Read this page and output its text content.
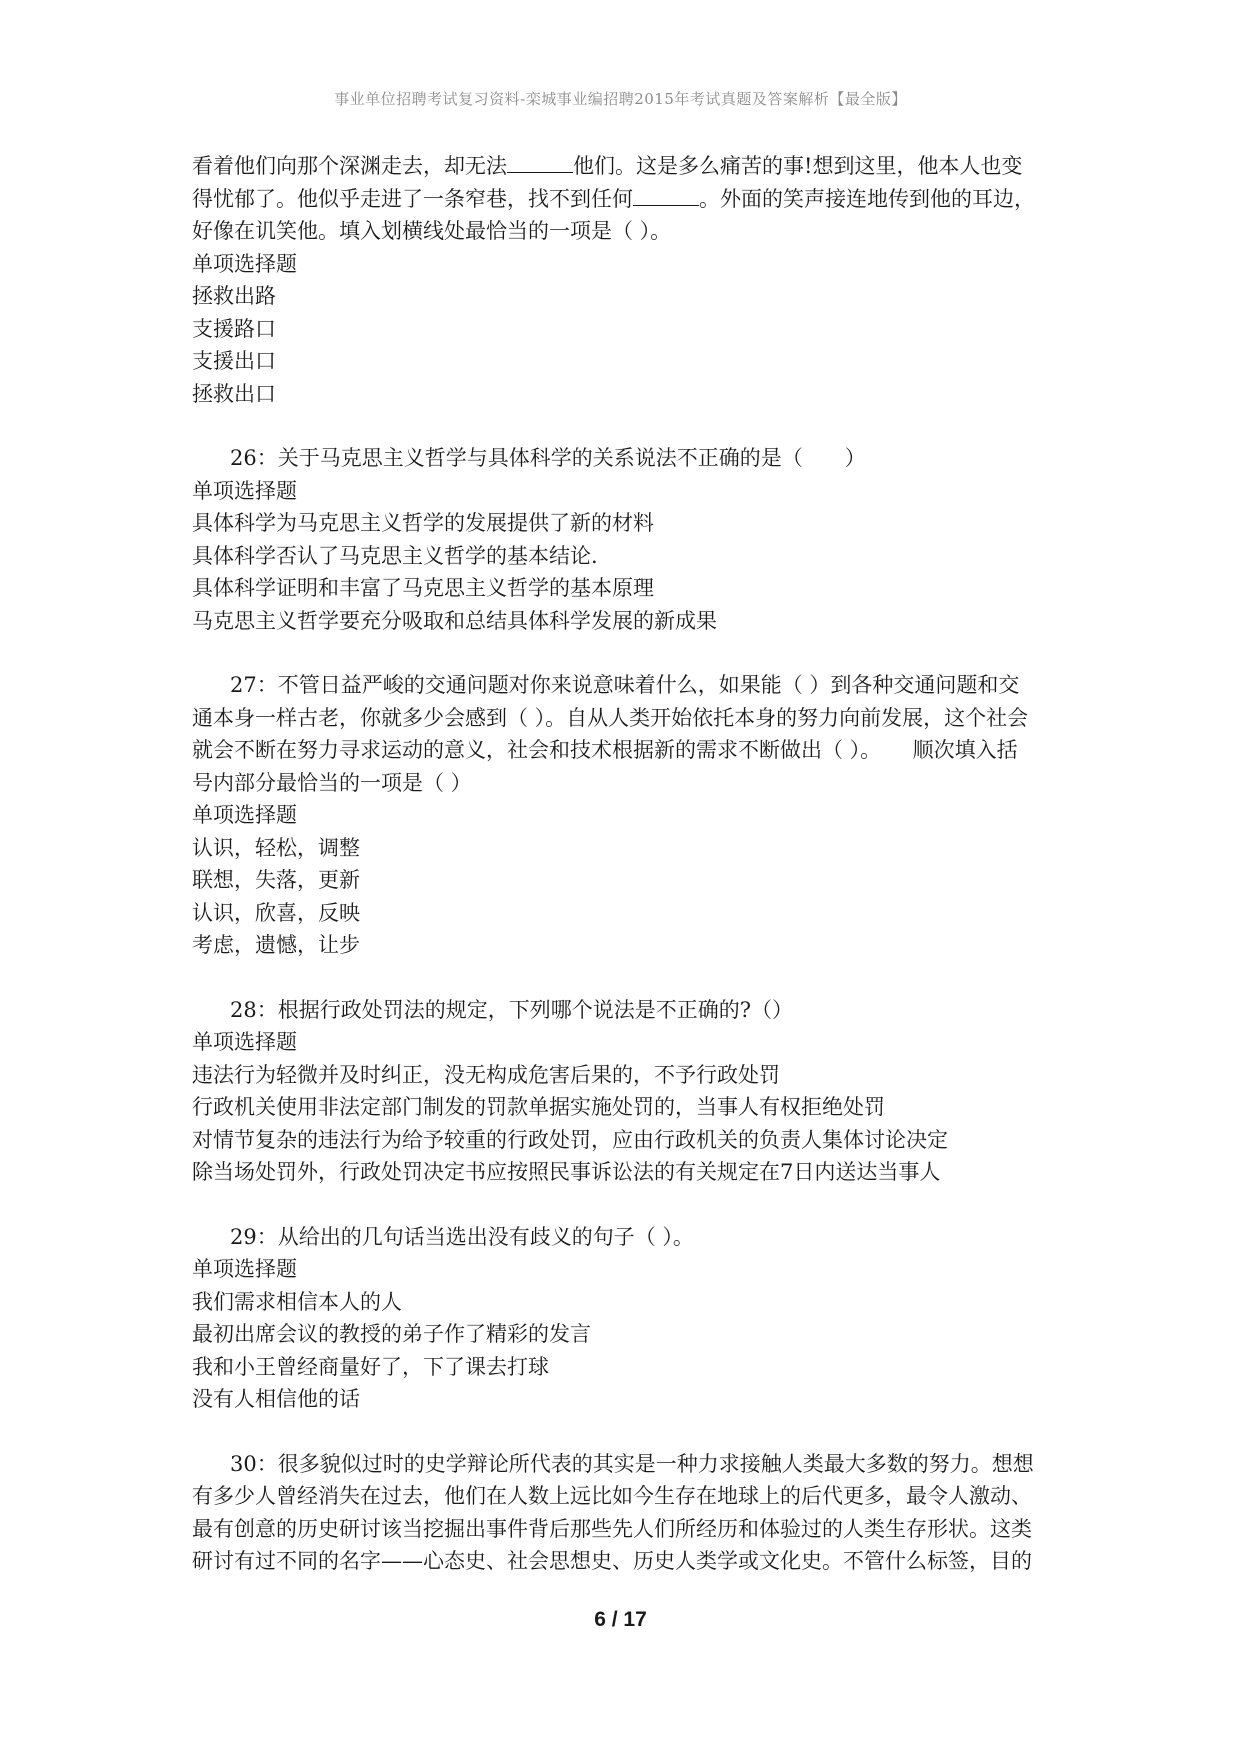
事业单位招聘考试复习资料-栾城事业编招聘2015年考试真题及答案解析【最全版】
看着他们向那个深渊走去，却无法	他们。这是多么痛苦的事!想到这里，他本人也变
得忧郁了。他似乎走进了一条窄巷，找不到任何	。外面的笑声接连地传到他的耳边，
好像在讥笑他。填入划横线处最恰当的一项是（ ）。
单项选择题
拯救出路
支援路口
支援出口
拯救出口
26：关于马克思主义哲学与具体科学的关系说法不正确的是（　　）
单项选择题
具体科学为马克思主义哲学的发展提供了新的材料
具体科学否认了马克思主义哲学的基本结论.
具体科学证明和丰富了马克思主义哲学的基本原理
马克思主义哲学要充分吸取和总结具体科学发展的新成果
27：不管日益严峻的交通问题对你来说意味着什么，如果能（ ）到各种交通问题和交
通本身一样古老，你就多少会感到（ ）。自从人类开始依托本身的努力向前发展，这个社会
就会不断在努力寻求运动的意义，社会和技术根据新的需求不断做出（ ）。　　顺次填入括
号内部分最恰当的一项是（ ）
单项选择题
认识，轻松，调整
联想，失落，更新
认识，欣喜，反映
考虑，遗憾，让步
28：根据行政处罚法的规定，下列哪个说法是不正确的?（）
单项选择题
违法行为轻微并及时纠正，没无构成危害后果的，不予行政处罚
行政机关使用非法定部门制发的罚款单据实施处罚的，当事人有权拒绝处罚
对情节复杂的违法行为给予较重的行政处罚，应由行政机关的负责人集体讨论决定
除当场处罚外，行政处罚决定书应按照民事诉讼法的有关规定在7日内送达当事人
29：从给出的几句话当选出没有歧义的句子（ ）。
单项选择题
我们需求相信本人的人
最初出席会议的教授的弟子作了精彩的发言
我和小王曾经商量好了，下了课去打球
没有人相信他的话
30：很多貌似过时的史学辩论所代表的其实是一种力求接触人类最大多数的努力。想想
有多少人曾经消失在过去，他们在人数上远比如今生存在地球上的后代更多，最令人激动、
最有创意的历史研讨该当挖掘出事件背后那些先人们所经历和体验过的人类生存形状。这类
研讨有过不同的名字——心态史、社会思想史、历史人类学或文化史。不管什么标签，目的
6 / 17
